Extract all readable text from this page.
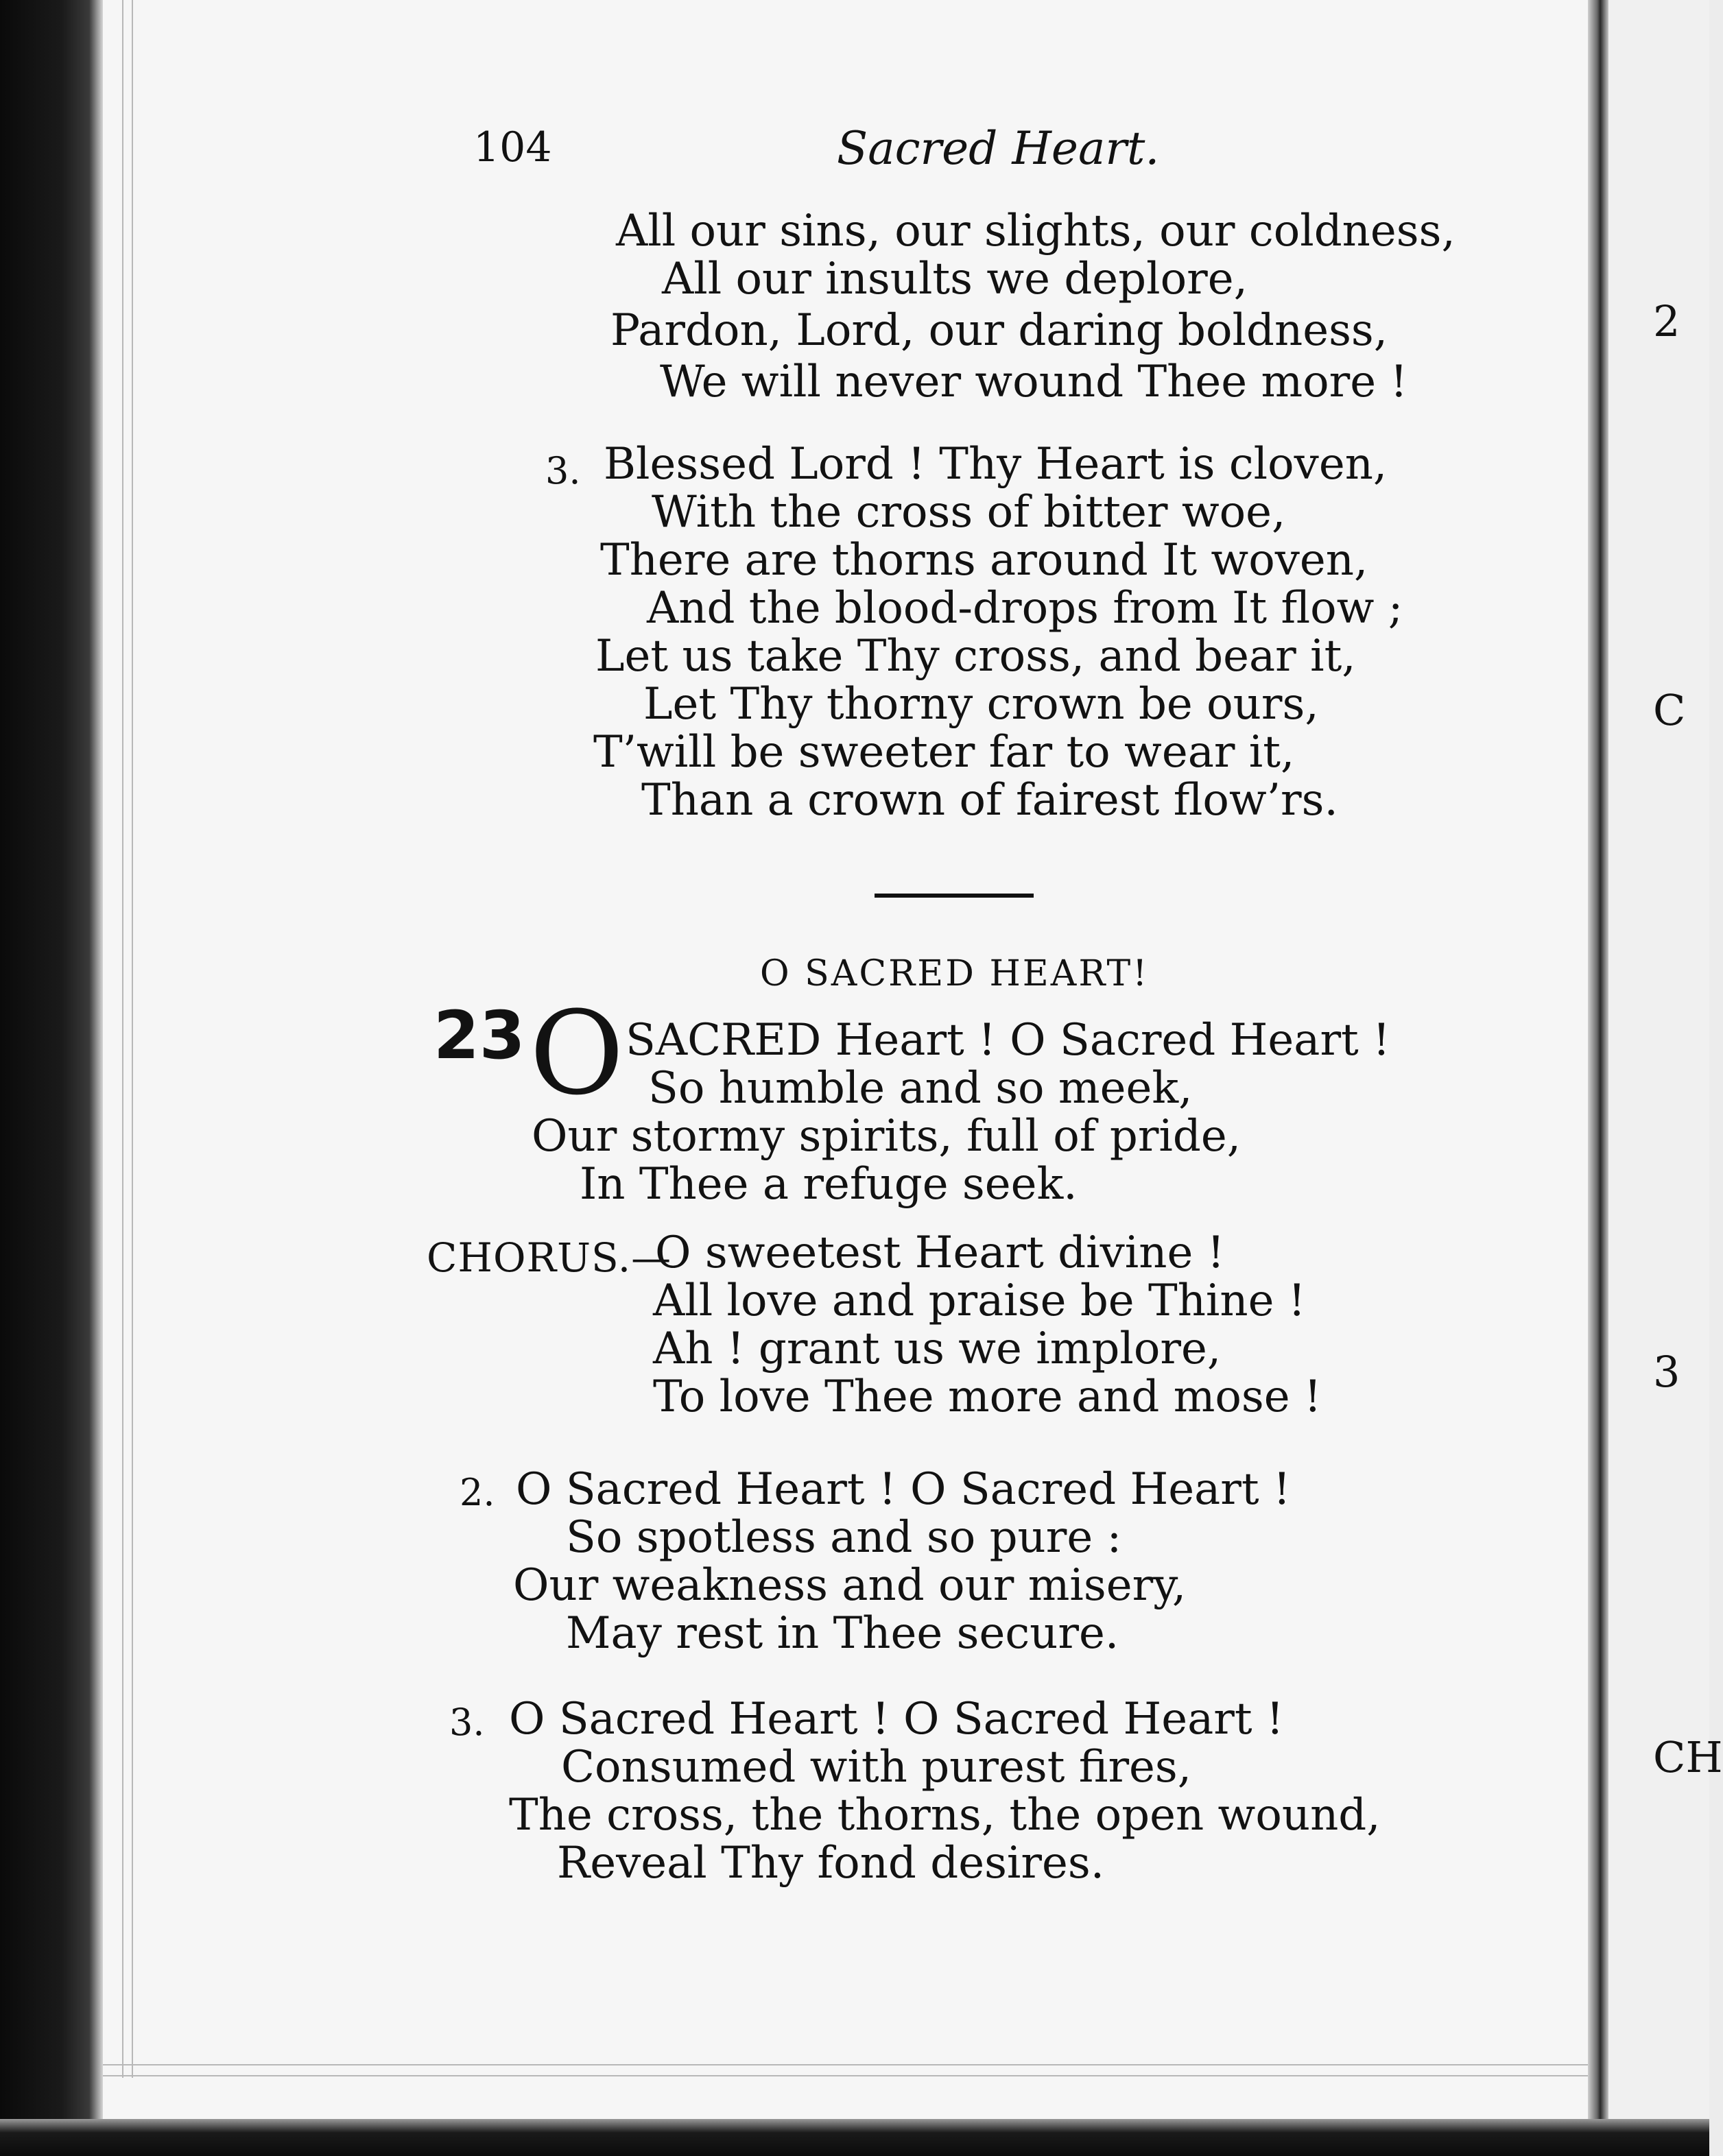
2
C
3
CH
104	Sacred Heart.
All our sins, our slights, our coldness,
All our insults we deplore,
Pardon, Lord, our daring boldness,
We will never wound Thee more !
3. Blessed Lord ! Thy Heart is cloven,
With the cross of bitter woe,
There are thorns around It woven,
And the blood-drops from It flow ;
Let us take Thy cross, and bear it,
Let Thy thorny crown be ours,
T’will be sweeter far to wear it,
Than a crown of fairest flow’rs.
O SACRED HEART!
23 O SACRED Heart ! O Sacred Heart !
So humble and so meek,
Our stormy spirits, full of pride,
In Thee a refuge seek.
CHORUS.—
O sweetest Heart divine !
All love and praise be Thine !
Ah ! grant us we implore,
To love Thee more and mose !
2. O Sacred Heart ! O Sacred Heart !
So spotless and so pure :
Our weakness and our misery,
May rest in Thee secure.
3. O Sacred Heart ! O Sacred Heart !
Consumed with purest fires,
The cross, the thorns, the open wound,
Reveal Thy fond desires.
